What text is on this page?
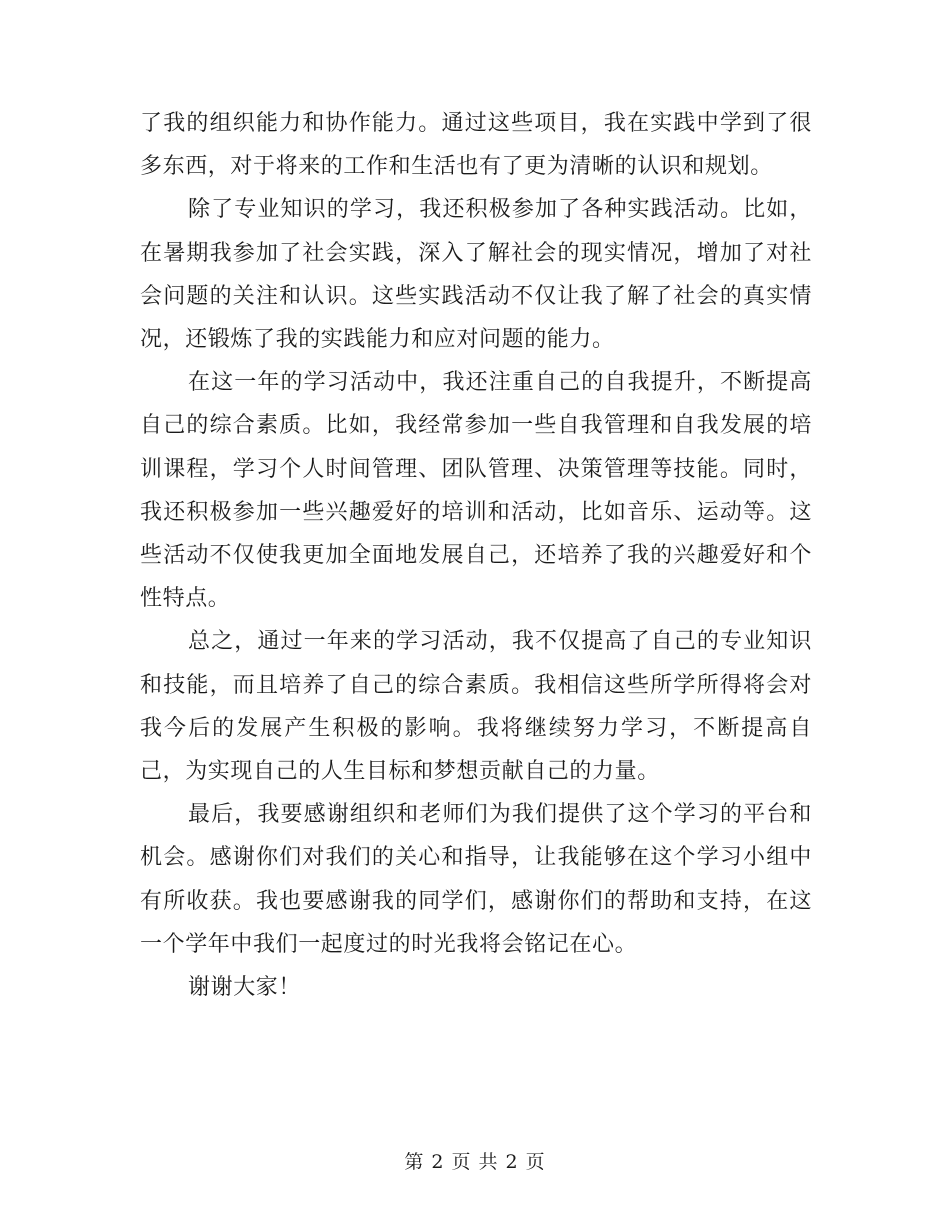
了我的组织能力和协作能力。通过这些项目，我在实践中学到了很多东西，对于将来的工作和生活也有了更为清晰的认识和规划。

除了专业知识的学习，我还积极参加了各种实践活动。比如，在暑期我参加了社会实践，深入了解社会的现实情况，增加了对社会问题的关注和认识。这些实践活动不仅让我了解了社会的真实情况，还锻炼了我的实践能力和应对问题的能力。

在这一年的学习活动中，我还注重自己的自我提升，不断提高自己的综合素质。比如，我经常参加一些自我管理和自我发展的培训课程，学习个人时间管理、团队管理、决策管理等技能。同时，我还积极参加一些兴趣爱好的培训和活动，比如音乐、运动等。这些活动不仅使我更加全面地发展自己，还培养了我的兴趣爱好和个性特点。

总之，通过一年来的学习活动，我不仅提高了自己的专业知识和技能，而且培养了自己的综合素质。我相信这些所学所得将会对我今后的发展产生积极的影响。我将继续努力学习，不断提高自己，为实现自己的人生目标和梦想贡献自己的力量。

最后，我要感谢组织和老师们为我们提供了这个学习的平台和机会。感谢你们对我们的关心和指导，让我能够在这个学习小组中有所收获。我也要感谢我的同学们，感谢你们的帮助和支持，在这一个学年中我们一起度过的时光我将会铭记在心。

谢谢大家！

第 2 页 共 2 页
